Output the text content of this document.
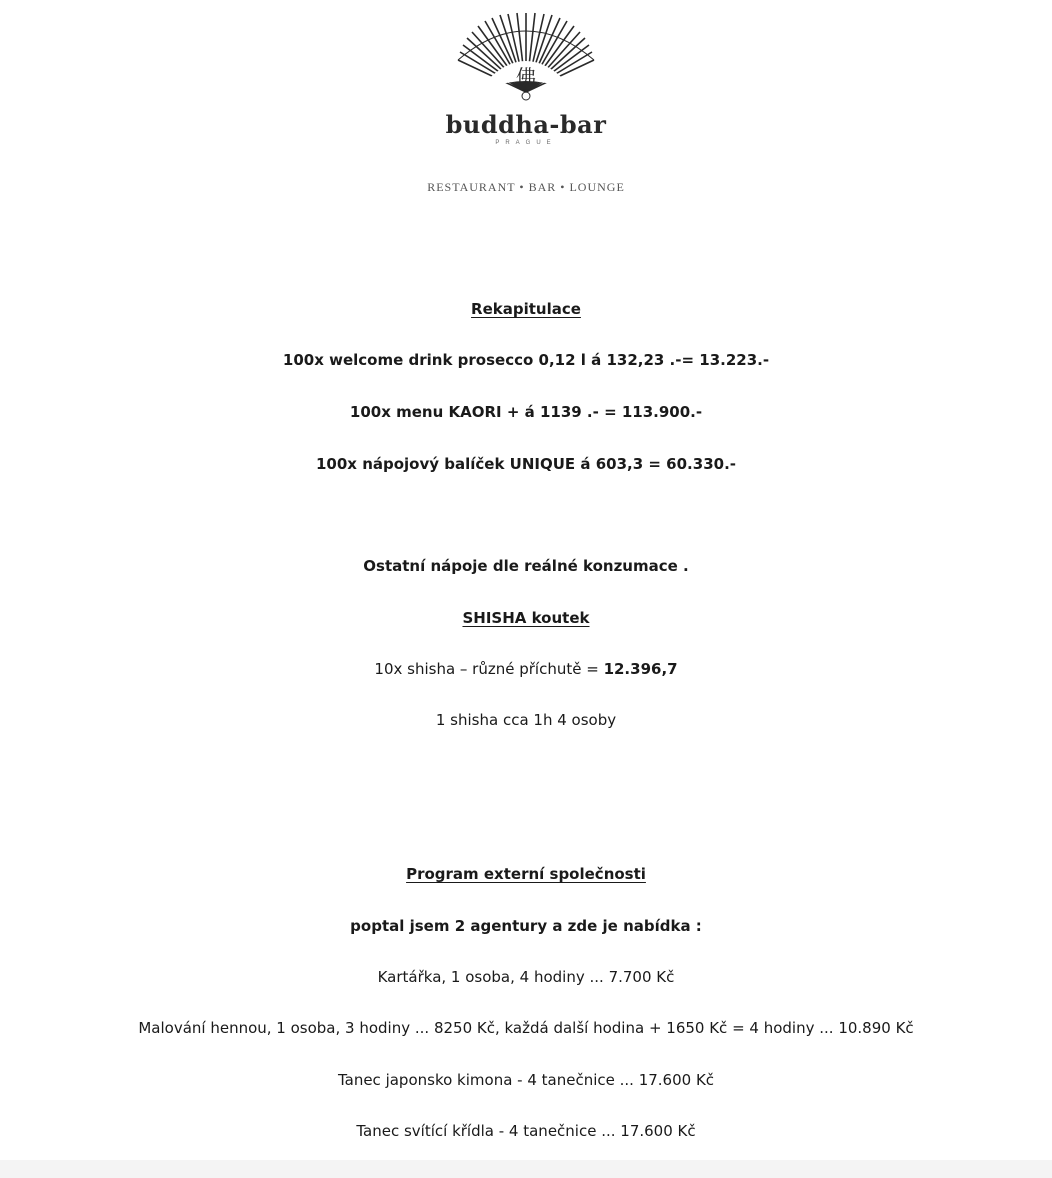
佛
buddha-bar
PRAGUE
RESTAURANT • BAR • LOUNGE
Rekapitulace
100x welcome drink prosecco 0,12 l á 132,23 .-= 13.223.-
100x menu KAORI + á 1139 .- = 113.900.-
100x nápojový balíček UNIQUE á 603,3 = 60.330.-
Ostatní nápoje dle reálné konzumace .
SHISHA koutek
10x shisha – různé příchutě = 12.396,7
1 shisha cca 1h 4 osoby
Program externí společnosti
poptal jsem 2 agentury a zde je nabídka :
Kartářka, 1 osoba, 4 hodiny ... 7.700 Kč
Malování hennou, 1 osoba, 3 hodiny ... 8250 Kč, každá další hodina + 1650 Kč = 4 hodiny ... 10.890 Kč
Tanec japonsko kimona - 4 tanečnice ... 17.600 Kč
Tanec svítící křídla - 4 tanečnice ... 17.600 Kč
